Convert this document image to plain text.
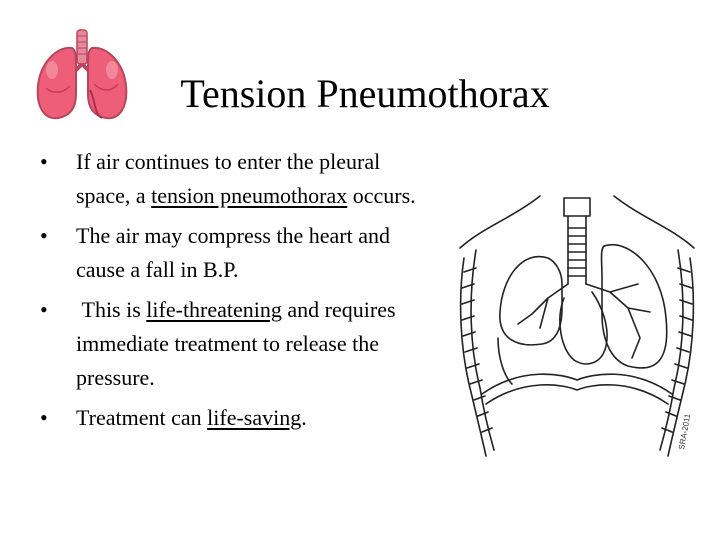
Tension Pneumothorax
• If air continues to enter the pleural space, a tension pneumothorax occurs.
• The air may compress the heart and cause a fall in B.P.
• This is life-threatening and requires immediate treatment to release the pressure.
• Treatment can life-saving.	SRA-2011
